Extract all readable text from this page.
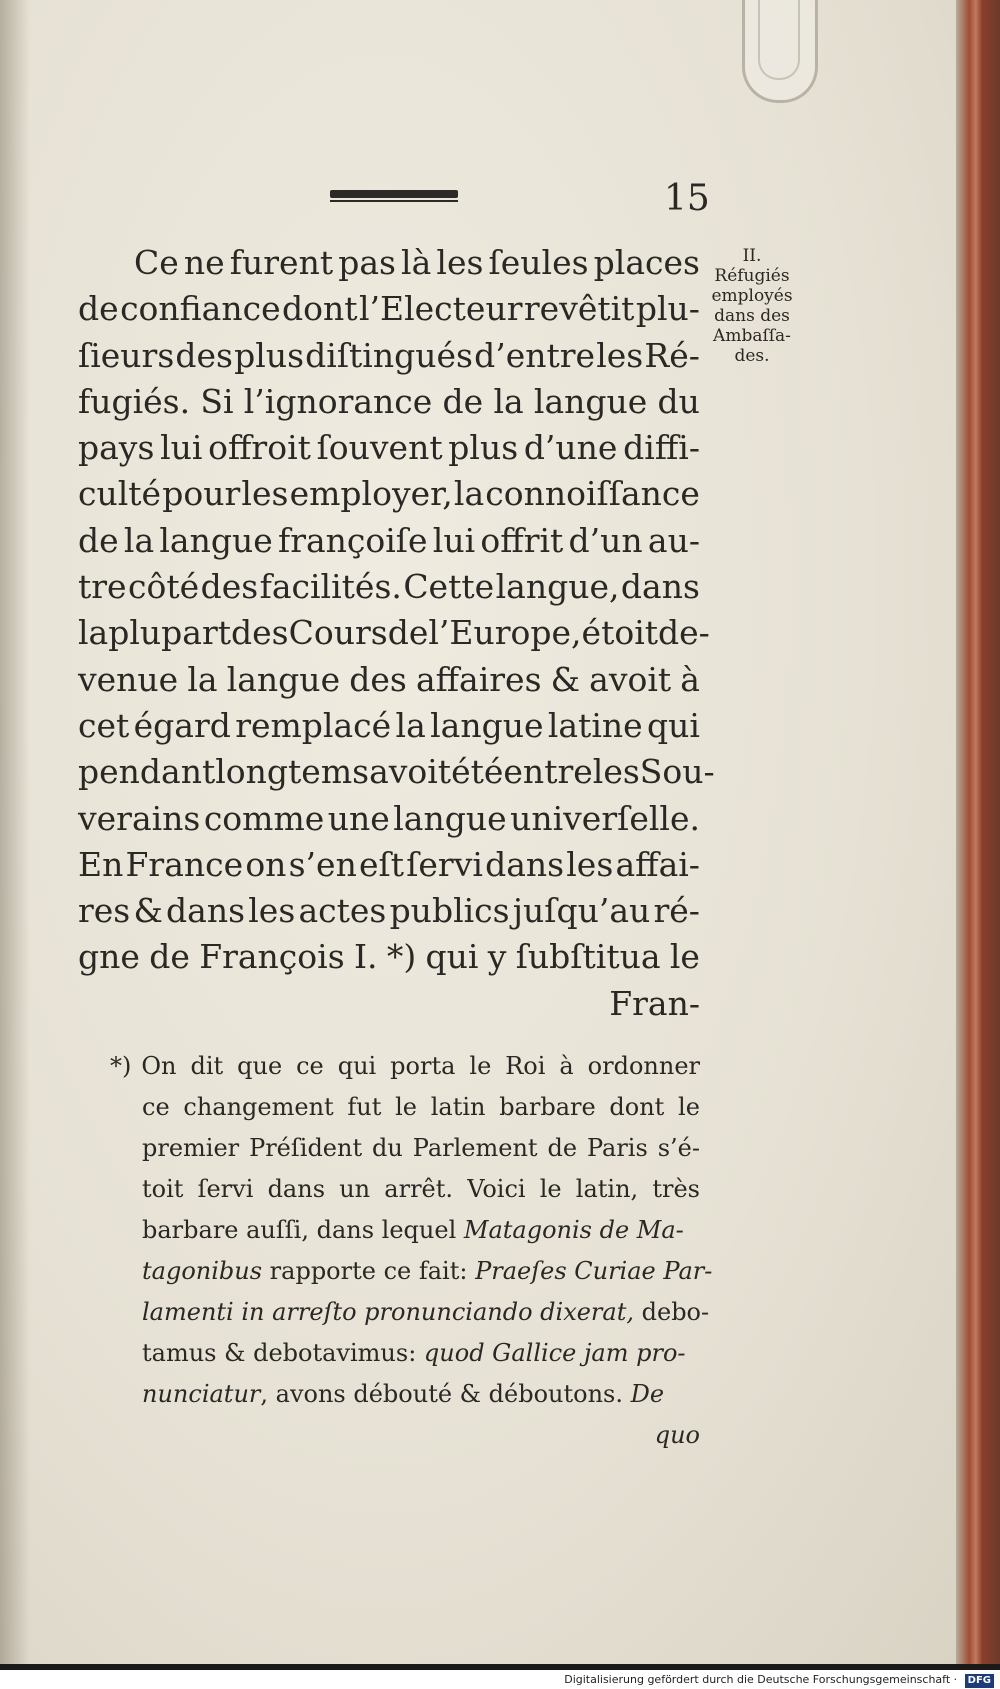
15
Ce ne furent pas là les ſeules places
de confiance dont l’Electeur revêtit plu-
ſieurs des plus diſtingués d’entre les Ré-
fugiés. Si l’ignorance de la langue du
pays lui offroit ſouvent plus d’une diffi-
culté pour les employer, la connoiſſance
de la langue françoiſe lui offrit d’un au-
tre côté des facilités. Cette langue, dans
la plupart des Cours de l’Europe, étoit de-
venue la langue des affaires & avoit à
cet égard remplacé la langue latine qui
pendant longtems avoit été entre les Sou-
verains comme une langue univerſelle.
En France on s’en eſt ſervi dans les affai-
res & dans les actes publics juſqu’au ré-
gne de François I. *) qui y ſubſtitua le
Fran-
II.
Réfugiés
employés
dans des
Ambaſſa-
des.
*) On dit que ce qui porta le Roi à ordonner
ce changement fut le latin barbare dont le
premier Préſident du Parlement de Paris s’é-
toit ſervi dans un arrêt. Voici le latin, très
barbare auſſi, dans lequel Matagonis de Ma-
tagonibus rapporte ce fait: Praeſes Curiae Par-
lamenti in arreſto pronunciando dixerat, debo-
tamus & debotavimus: quod Gallice jam pro-
nunciatur, avons débouté & déboutons. De
quo
Digitalisierung gefördert durch die Deutsche Forschungsgemeinschaft · DFG
